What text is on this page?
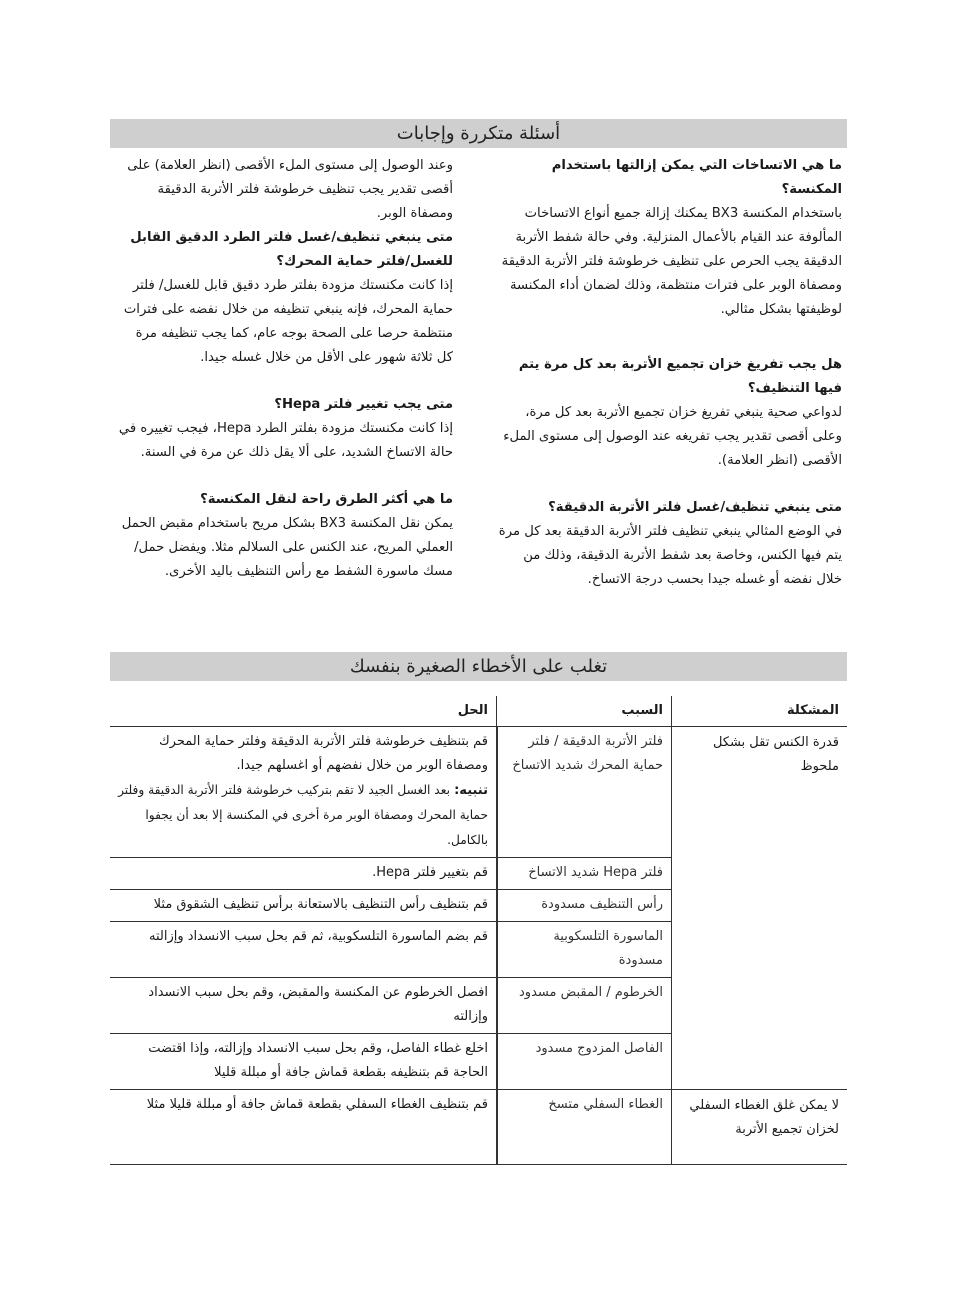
أسئلة متكررة وإجابات

ما هي الاتساخات التي يمكن إزالتها باستخدام المكنسة؟

باستخدام المكنسة BX3 يمكنك إزالة جميع أنواع الاتساخات المألوفة عند القيام بالأعمال المنزلية. وفي حالة شفط الأتربة الدقيقة يجب الحرص على تنظيف خرطوشة فلتر الأتربة الدقيقة ومصفاة الوبر على فترات منتظمة، وذلك لضمان أداء المكنسة لوظيفتها بشكل مثالي.

هل يجب تفريغ خزان تجميع الأتربة بعد كل مرة يتم فيها التنظيف؟

لدواعي صحية ينبغي تفريغ خزان تجميع الأتربة بعد كل مرة، وعلى أقصى تقدير يجب تفريغه عند الوصول إلى مستوى الملء الأقصى (انظر العلامة).

متى ينبغي تنظيف/غسل فلتر الأتربة الدقيقة؟

في الوضع المثالي ينبغي تنظيف فلتر الأتربة الدقيقة بعد كل مرة يتم فيها الكنس، وخاصة بعد شفط الأتربة الدقيقة، وذلك من خلال نفضه أو غسله جيدا بحسب درجة الاتساخ.

وعند الوصول إلى مستوى الملء الأقصى (انظر العلامة) على أقصى تقدير يجب تنظيف خرطوشة فلتر الأتربة الدقيقة ومصفاة الوبر.

متى ينبغي تنظيف/غسل فلتر الطرد الدقيق القابل للغسل/فلتر حماية المحرك؟

إذا كانت مكنستك مزودة بفلتر طرد دقيق قابل للغسل/ فلتر حماية المحرك، فإنه ينبغي تنظيفه من خلال نفضه على فترات منتظمة حرصا على الصحة بوجه عام، كما يجب تنظيفه مرة كل ثلاثة شهور على الأقل من خلال غسله جيدا.

متى يجب تغيير فلتر Hepa؟

إذا كانت مكنستك مزودة بفلتر الطرد Hepa، فيجب تغييره في حالة الاتساخ الشديد، على ألا يقل ذلك عن مرة في السنة.

ما هي أكثر الطرق راحة لنقل المكنسة؟

يمكن نقل المكنسة BX3 بشكل مريح باستخدام مقبض الحمل العملي المريح، عند الكنس على السلالم مثلا. ويفضل حمل/مسك ماسورة الشفط مع رأس التنظيف باليد الأخرى.

تغلب على الأخطاء الصغيرة بنفسك
المشكلة
السبب
الحل
قدرة الكنس تقل بشكل ملحوظ
فلتر الأتربة الدقيقة / فلتر حماية المحرك شديد الاتساخ
قم بتنظيف خرطوشة فلتر الأتربة الدقيقة وفلتر حماية المحرك ومصفاة الوبر من خلال نفضهم أو اغسلهم جيدا.
تنبيه: بعد الغسل الجيد لا تقم بتركيب خرطوشة فلتر الأتربة الدقيقة وفلتر حماية المحرك ومصفاة الوبر مرة أخرى في المكنسة إلا بعد أن يجفوا بالكامل.
فلتر Hepa شديد الاتساخ
قم بتغيير فلتر Hepa.
رأس التنظيف مسدودة
قم بتنظيف رأس التنظيف بالاستعانة برأس تنظيف الشقوق مثلا
الماسورة التلسكوبية مسدودة
قم بضم الماسورة التلسكوبية، ثم قم بحل سبب الانسداد وإزالته
الخرطوم / المقبض مسدود
افصل الخرطوم عن المكنسة والمقبض، وقم بحل سبب الانسداد وإزالته
الفاصل المزدوج مسدود
اخلع غطاء الفاصل، وقم بحل سبب الانسداد وإزالته، وإذا اقتضت الحاجة قم بتنظيفه بقطعة قماش جافة أو مبللة قليلا
لا يمكن غلق الغطاء السفلي لخزان تجميع الأتربة
الغطاء السفلي متسخ
قم بتنظيف الغطاء السفلي بقطعة قماش جافة أو مبللة قليلا مثلا
